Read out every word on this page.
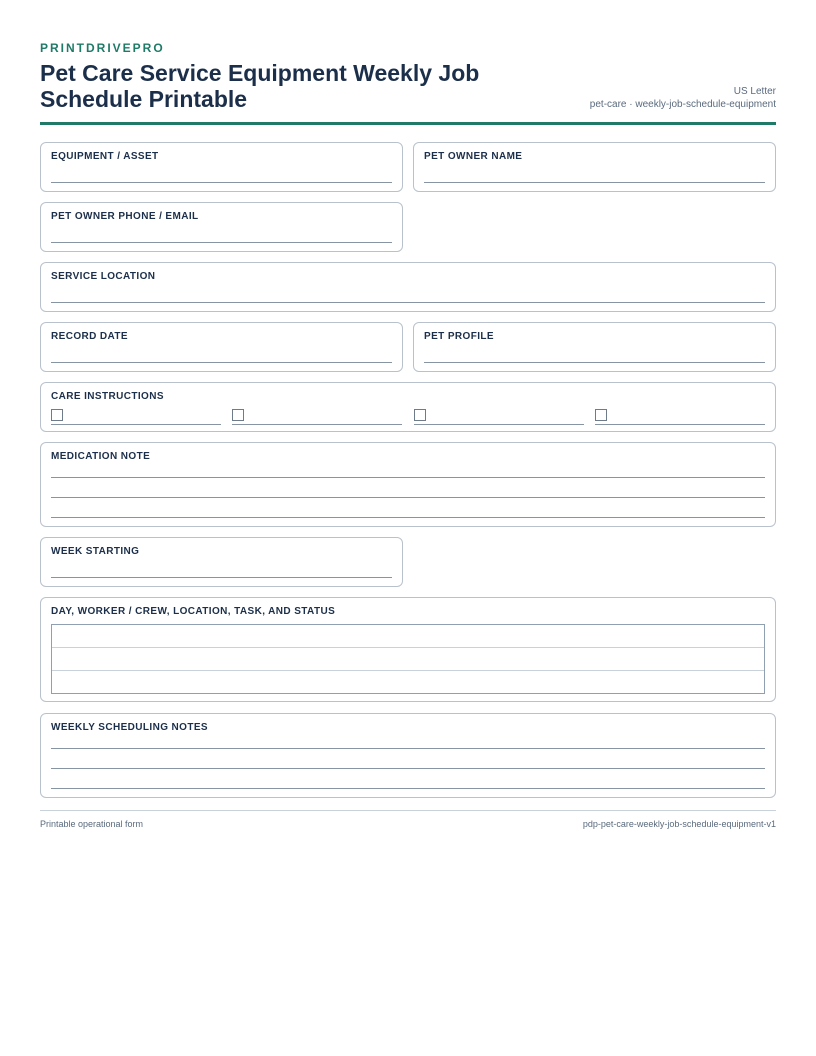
PRINTDRIVEPRO
Pet Care Service Equipment Weekly Job Schedule Printable	US Letter
pet-care · weekly-job-schedule-equipment
EQUIPMENT / ASSET	PET OWNER NAME
PET OWNER PHONE / EMAIL
SERVICE LOCATION
RECORD DATE	PET PROFILE
CARE INSTRUCTIONS
MEDICATION NOTE
WEEK STARTING
DAY, WORKER / CREW, LOCATION, TASK, AND STATUS
WEEKLY SCHEDULING NOTES
Printable operational form	pdp-pet-care-weekly-job-schedule-equipment-v1
